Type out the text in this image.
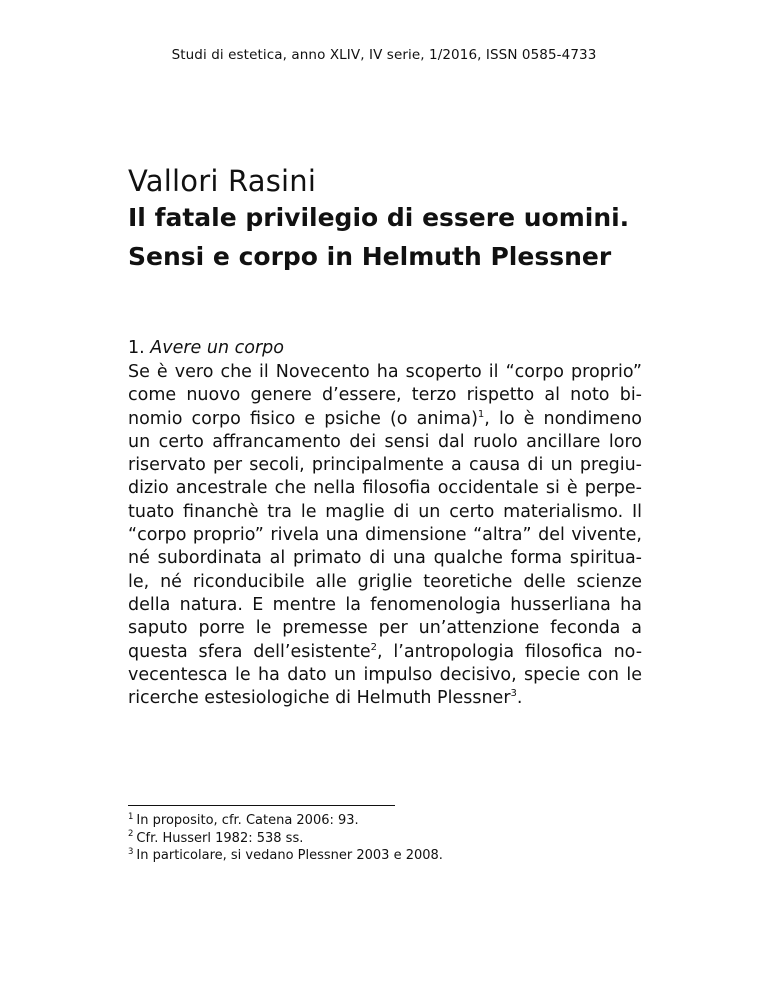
Studi di estetica, anno XLIV, IV serie, 1/2016, ISSN 0585-4733
Vallori Rasini
Il fatale privilegio di essere uomini.
Sensi e corpo in Helmuth Plessner
1. Avere un corpo
Se è vero che il Novecento ha scoperto il “corpo proprio”
come nuovo genere d’essere, terzo rispetto al noto bi-
nomio corpo fisico e psiche (o anima)$^1$, lo è nondimeno
un certo affrancamento dei sensi dal ruolo ancillare loro
riservato per secoli, principalmente a causa di un pregiu-
dizio ancestrale che nella filosofia occidentale si è perpe-
tuato financhè tra le maglie di un certo materialismo. Il
“corpo proprio” rivela una dimensione “altra” del vivente,
né subordinata al primato di una qualche forma spiritua-
le, né riconducibile alle griglie teoretiche delle scienze
della natura. E mentre la fenomenologia husserliana ha
saputo porre le premesse per un’attenzione feconda a
questa sfera dell’esistente$^2$, l’antropologia filosofica no-
vecentesca le ha dato un impulso decisivo, specie con le
ricerche estesiologiche di Helmuth Plessner$^3$.
$^1$ In proposito, cfr. Catena 2006: 93.
$^2$ Cfr. Husserl 1982: 538 ss.
$^3$ In particolare, si vedano Plessner 2003 e 2008.
